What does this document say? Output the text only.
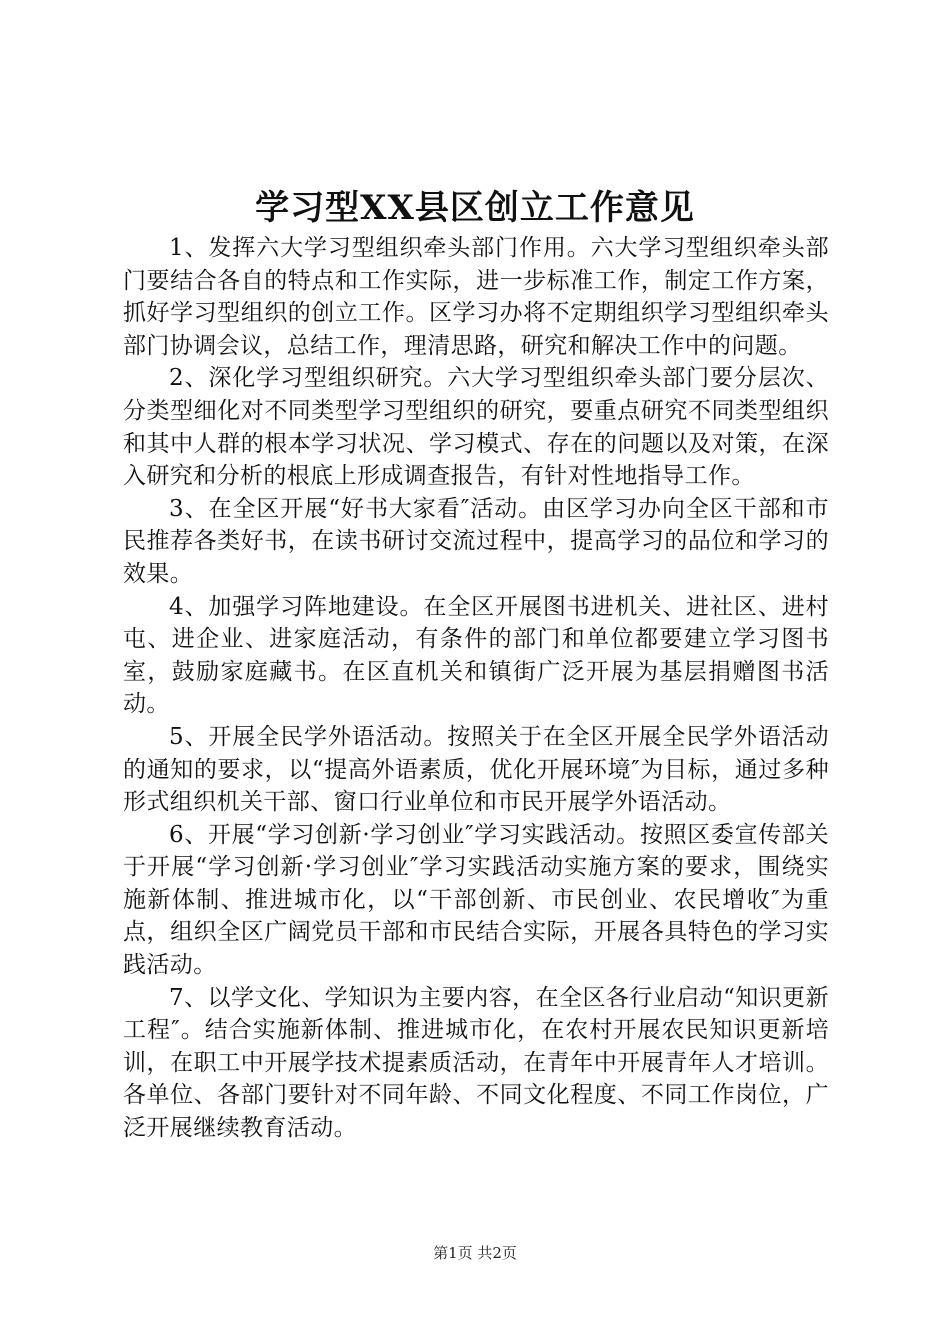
学习型XX县区创立工作意见

1、发挥六大学习型组织牵头部门作用。六大学习型组织牵头部门要结合各自的特点和工作实际，进一步标准工作，制定工作方案，抓好学习型组织的创立工作。区学习办将不定期组织学习型组织牵头部门协调会议，总结工作，理清思路，研究和解决工作中的问题。

2、深化学习型组织研究。六大学习型组织牵头部门要分层次、分类型细化对不同类型学习型组织的研究，要重点研究不同类型组织和其中人群的根本学习状况、学习模式、存在的问题以及对策，在深入研究和分析的根底上形成调查报告，有针对性地指导工作。

3、在全区开展“好书大家看″活动。由区学习办向全区干部和市民推荐各类好书，在读书研讨交流过程中，提高学习的品位和学习的效果。

4、加强学习阵地建设。在全区开展图书进机关、进社区、进村屯、进企业、进家庭活动，有条件的部门和单位都要建立学习图书室，鼓励家庭藏书。在区直机关和镇街广泛开展为基层捐赠图书活动。

5、开展全民学外语活动。按照关于在全区开展全民学外语活动的通知的要求，以“提高外语素质，优化开展环境″为目标，通过多种形式组织机关干部、窗口行业单位和市民开展学外语活动。

6、开展“学习创新·学习创业″学习实践活动。按照区委宣传部关于开展“学习创新·学习创业″学习实践活动实施方案的要求，围绕实施新体制、推进城市化，以“干部创新、市民创业、农民增收″为重点，组织全区广阔党员干部和市民结合实际，开展各具特色的学习实践活动。

7、以学文化、学知识为主要内容，在全区各行业启动“知识更新工程″。结合实施新体制、推进城市化，在农村开展农民知识更新培训，在职工中开展学技术提素质活动，在青年中开展青年人才培训。各单位、各部门要针对不同年龄、不同文化程度、不同工作岗位，广泛开展继续教育活动。

第1页 共2页
